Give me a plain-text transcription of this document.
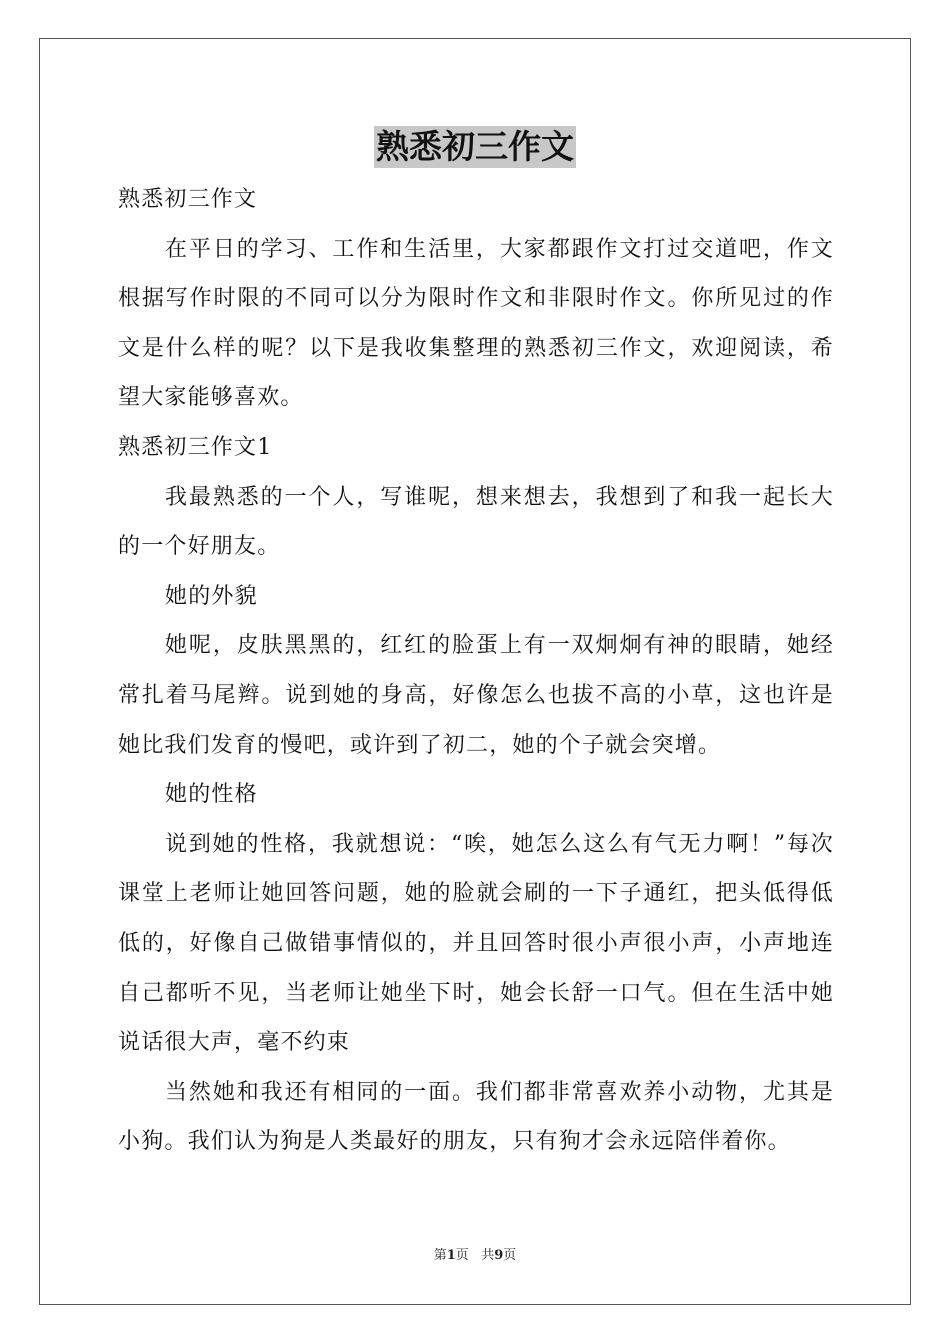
熟悉初三作文

熟悉初三作文

在平日的学习、工作和生活里，大家都跟作文打过交道吧，作文根据写作时限的不同可以分为限时作文和非限时作文。你所见过的作文是什么样的呢？以下是我收集整理的熟悉初三作文，欢迎阅读，希望大家能够喜欢。

熟悉初三作文1

我最熟悉的一个人，写谁呢，想来想去，我想到了和我一起长大的一个好朋友。

她的外貌

她呢，皮肤黑黑的，红红的脸蛋上有一双炯炯有神的眼睛，她经常扎着马尾辫。说到她的身高，好像怎么也拔不高的小草，这也许是她比我们发育的慢吧，或许到了初二，她的个子就会突增。

她的性格

说到她的性格，我就想说：“唉，她怎么这么有气无力啊！”每次课堂上老师让她回答问题，她的脸就会刷的一下子通红，把头低得低低的，好像自己做错事情似的，并且回答时很小声很小声，小声地连自己都听不见，当老师让她坐下时，她会长舒一口气。但在生活中她说话很大声，毫不约束

当然她和我还有相同的一面。我们都非常喜欢养小动物，尤其是小狗。我们认为狗是人类最好的朋友，只有狗才会永远陪伴着你。

第1页 共9页
